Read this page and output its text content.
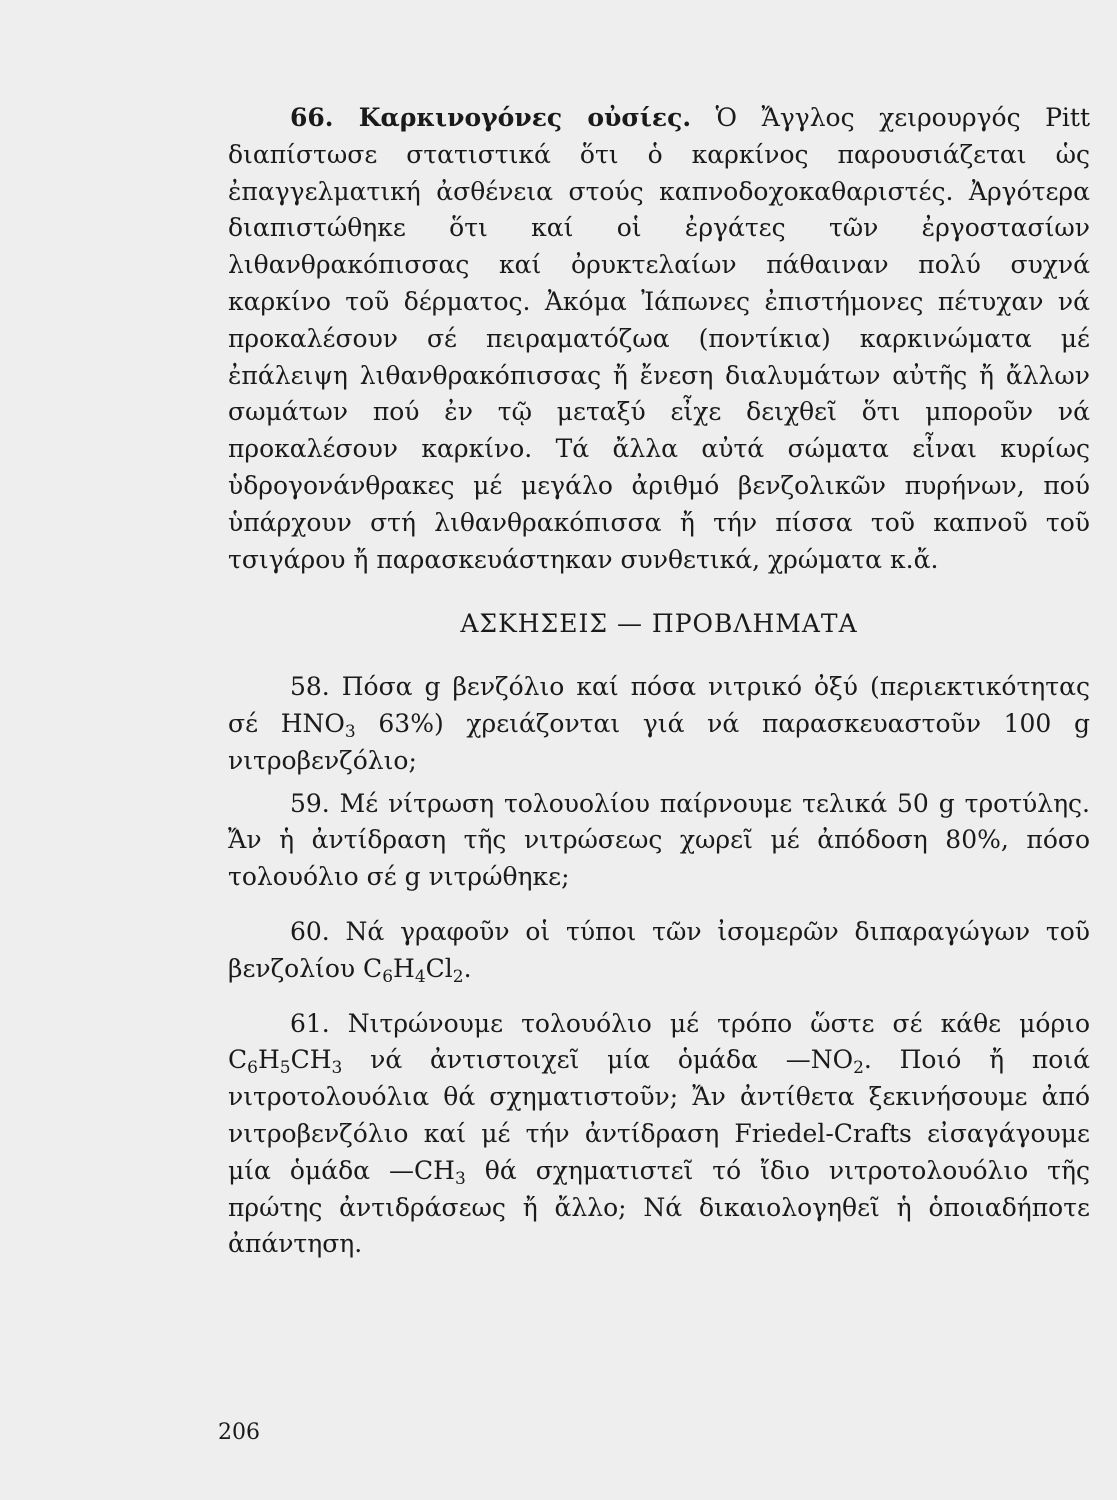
66. Καρκινογόνες οὐσίες. Ὁ Ἄγγλος χειρουργός Pitt διαπίστωσε στατιστικά ὅτι ὁ καρκίνος παρουσιάζεται ὡς ἐπαγγελματική ἀσθένεια στούς καπνοδοχοκαθαριστές. Ἀργότερα διαπιστώθηκε ὅτι καί οἱ ἐργάτες τῶν ἐργοστασίων λιθανθρακόπισσας καί ὀρυκτελαίων πάθαιναν πολύ συχνά καρκίνο τοῦ δέρματος. Ἀκόμα Ἰάπωνες ἐπιστήμονες πέτυχαν νά προκαλέσουν σέ πειραματόζωα (ποντίκια) καρκινώματα μέ ἐπάλειψη λιθανθρακόπισσας ἤ ἔνεση διαλυμάτων αὐτῆς ἤ ἄλλων σωμάτων πού ἐν τῷ μεταξύ εἶχε δειχθεῖ ὅτι μποροῦν νά προκαλέσουν καρκίνο. Τά ἄλλα αὐτά σώματα εἶναι κυρίως ὑδρογονάνθρακες μέ μεγάλο ἀριθμό βενζολικῶν πυρήνων, πού ὑπάρχουν στή λιθανθρακόπισσα ἤ τήν πίσσα τοῦ καπνοῦ τοῦ τσιγάρου ἤ παρασκευάστηκαν συνθετικά, χρώματα κ.ἄ.

ΑΣΚΗΣΕΙΣ — ΠΡΟΒΛΗΜΑΤΑ

58. Πόσα g βενζόλιο καί πόσα νιτρικό ὀξύ (περιεκτικότητας σέ $HNO_3$ 63%) χρειάζονται γιά νά παρασκευαστοῦν 100 g νιτροβενζόλιο;

59. Μέ νίτρωση τολουολίου παίρνουμε τελικά 50 g τροτύλης. Ἄν ἡ ἀντίδραση τῆς νιτρώσεως χωρεῖ μέ ἀπόδοση 80%, πόσο τολουόλιο σέ g νιτρώθηκε;

60. Νά γραφοῦν οἱ τύποι τῶν ἰσομερῶν διπαραγώγων τοῦ βενζολίου $C_6H_4Cl_2$.

61. Νιτρώνουμε τολουόλιο μέ τρόπο ὥστε σέ κάθε μόριο $C_6H_5CH_3$ νά ἀντιστοιχεῖ μία ὁμάδα $—NO_2$. Ποιό ἤ ποιά νιτροτολουόλια θά σχηματιστοῦν; Ἄν ἀντίθετα ξεκινήσουμε ἀπό νιτροβενζόλιο καί μέ τήν ἀντίδραση Friedel-Crafts εἰσαγάγουμε μία ὁμάδα $—CH_3$ θά σχηματιστεῖ τό ἴδιο νιτροτολουόλιο τῆς πρώτης ἀντιδράσεως ἤ ἄλλο; Νά δικαιολογηθεῖ ἡ ὁποιαδήποτε ἀπάντηση.

206
